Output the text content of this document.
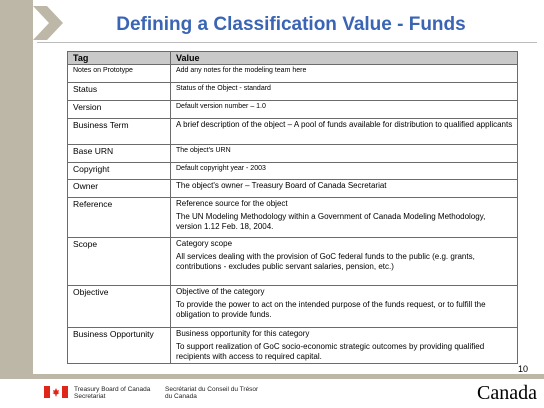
Defining a Classification Value - Funds
Tag	Value
Notes on Prototype	Add any notes for the modeling team here

Status	Status of the Object - standard

Version	Default version number – 1.0

Business Term	A brief description of the object – A pool of funds available for distribution to qualified applicants

Base URN	The object's URN

Copyright	Default copyright year - 2003

Owner	The object's owner – Treasury Board of Canada Secretariat

Reference	Reference source for the object
The UN Modeling Methodology within a Government of Canada Modeling Methodology, version 1.12 Feb. 18, 2004.

Scope	Category scope
All services dealing with the provision of GoC federal funds to the public (e.g. grants, contributions - excludes public servant salaries, pension, etc.)

Objective	Objective of the category
To provide the power to act on the intended purpose of the funds request, or to fulfill the obligation to provide funds.

Business Opportunity	Business opportunity for this category
To support realization of GoC socio-economic strategic outcomes by providing qualified recipients with access to required capital.
10
Treasury Board of Canada
Secretariat
Secrétariat du Conseil du Trésor
du Canada	Canada
